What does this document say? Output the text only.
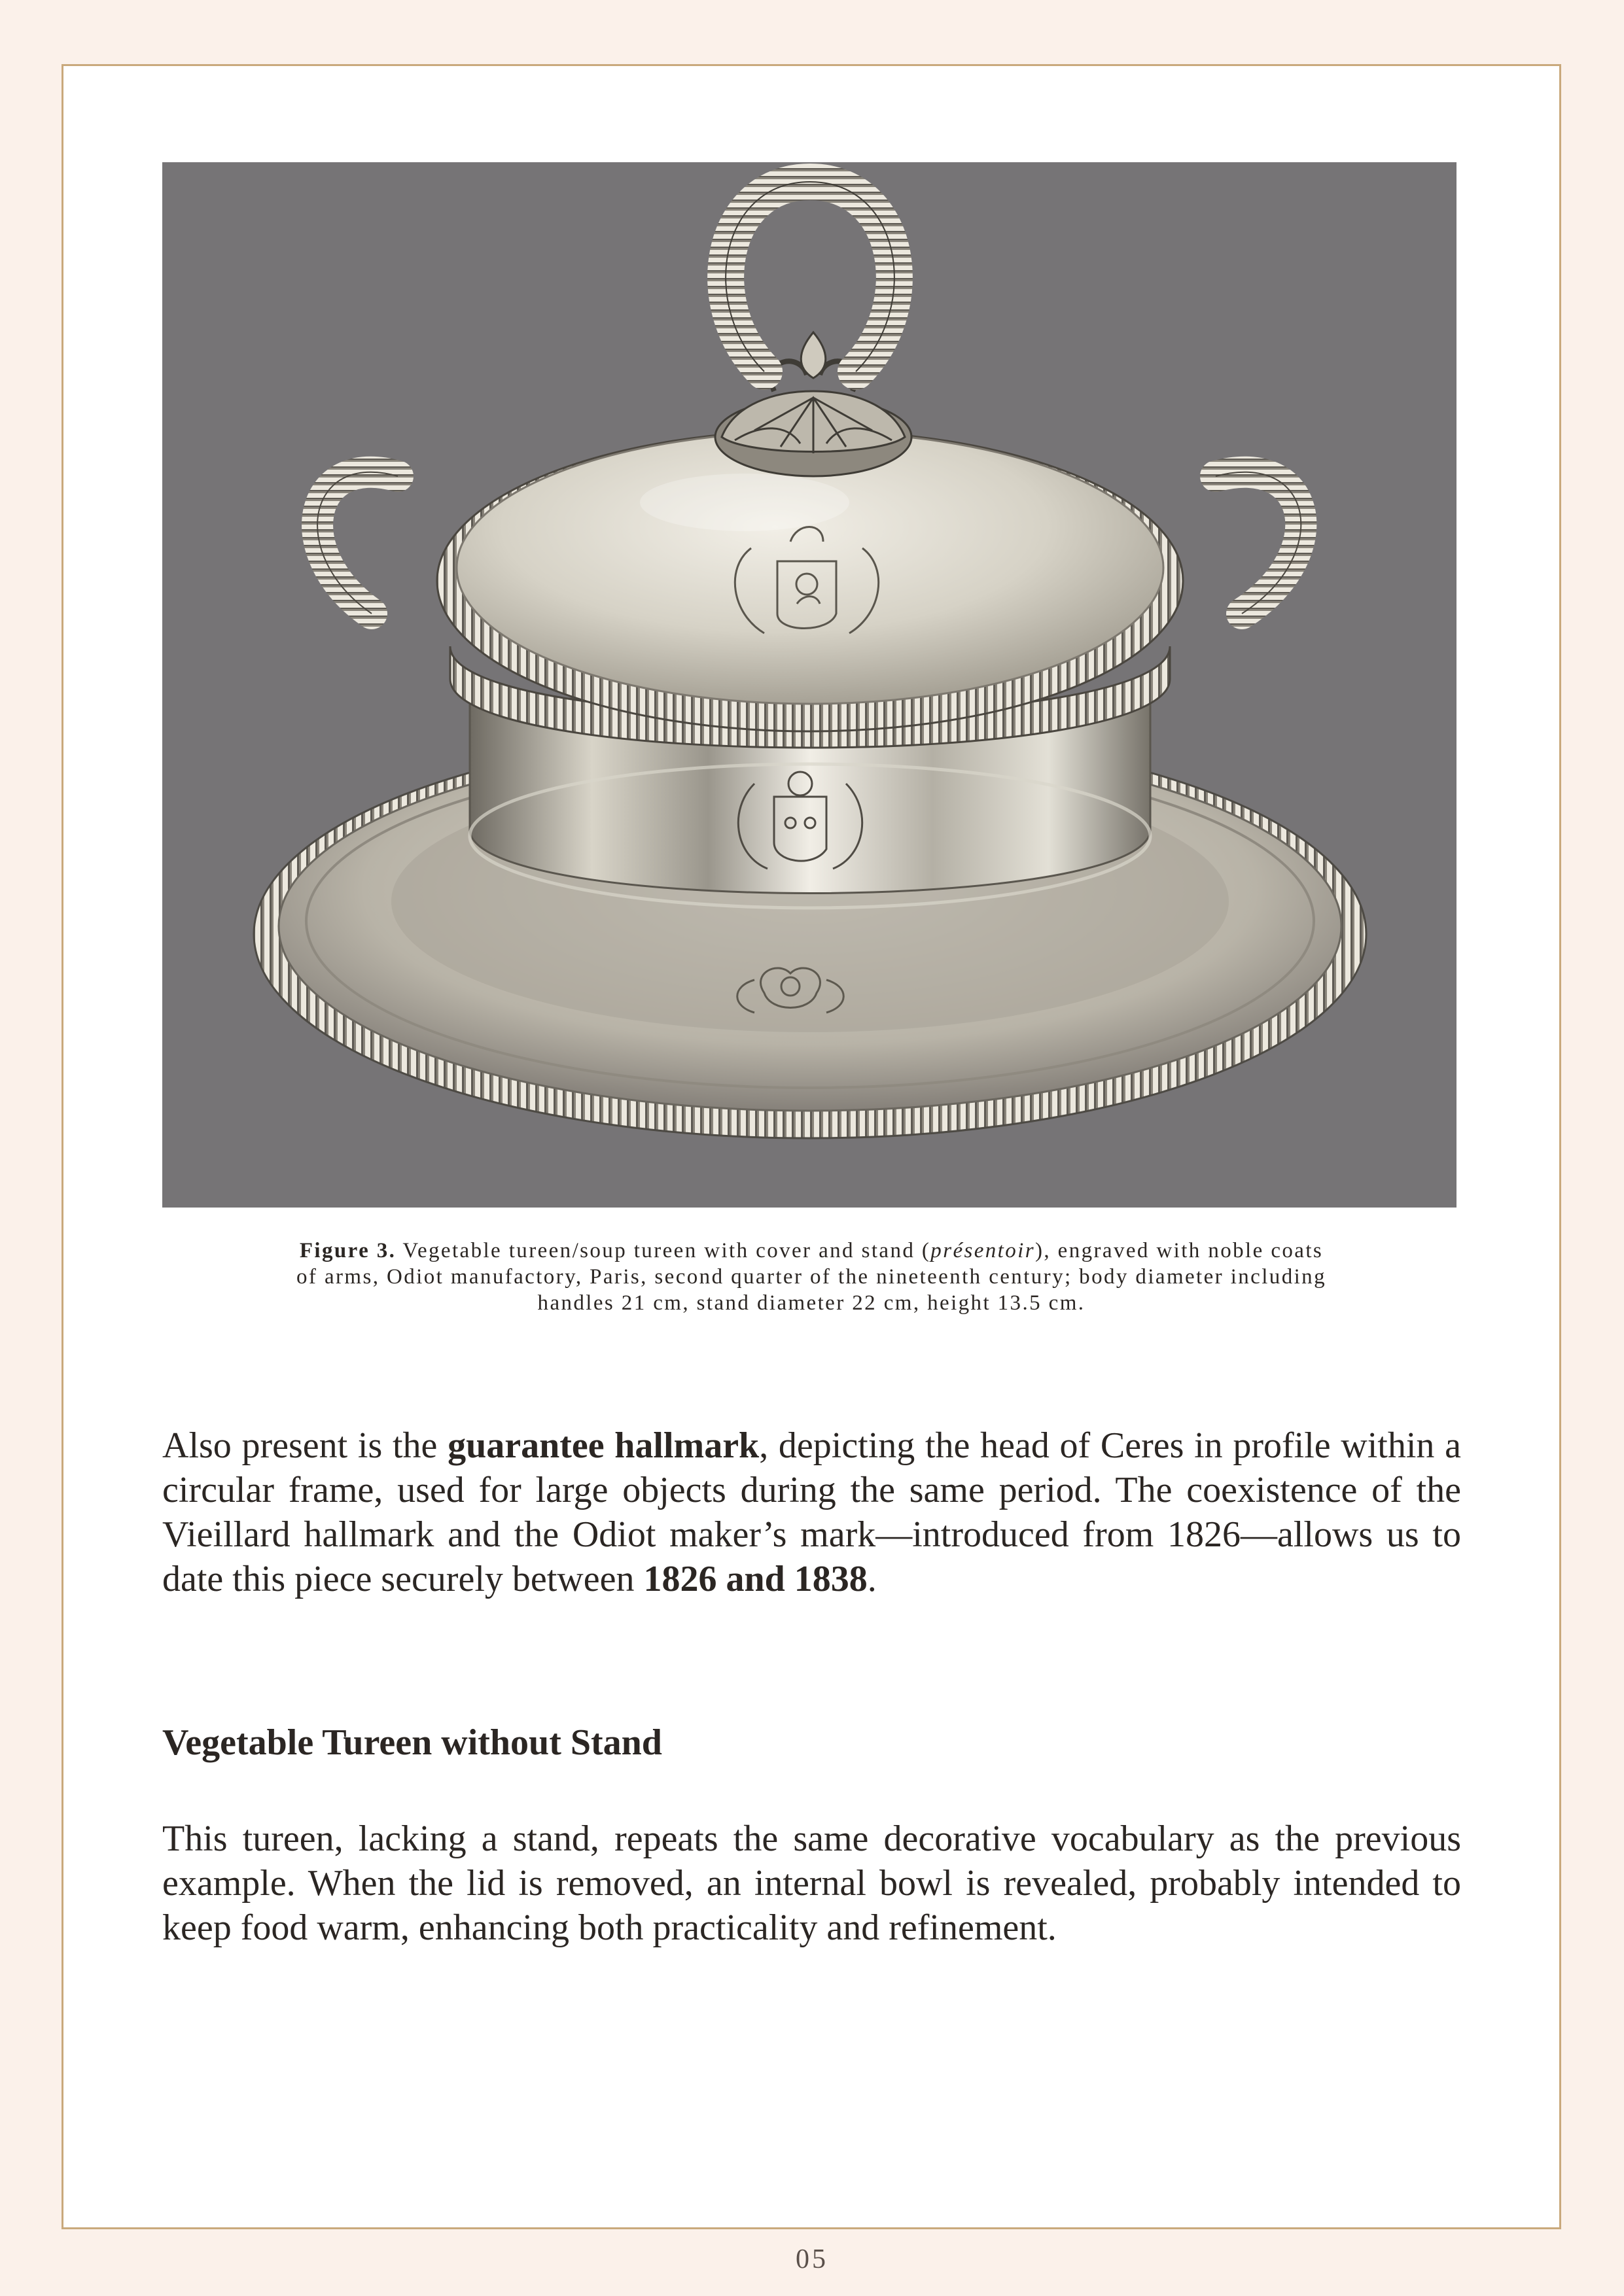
Figure 3. Vegetable tureen/soup tureen with cover and stand (présentoir), engraved with noble coats of arms, Odiot manufactory, Paris, second quarter of the nineteenth century; body diameter including handles 21 cm, stand diameter 22 cm, height 13.5 cm.
Also present is the guarantee hallmark, depicting the head of Ceres in profile within a circular frame, used for large objects during the same period. The coexistence of the Vieillard hallmark and the Odiot maker’s mark—introduced from 1826—allows us to date this piece securely between 1826 and 1838.
Vegetable Tureen without Stand
This tureen, lacking a stand, repeats the same decorative vocabulary as the previous example. When the lid is removed, an internal bowl is revealed, probably intended to keep food warm, enhancing both practicality and refinement.
05
